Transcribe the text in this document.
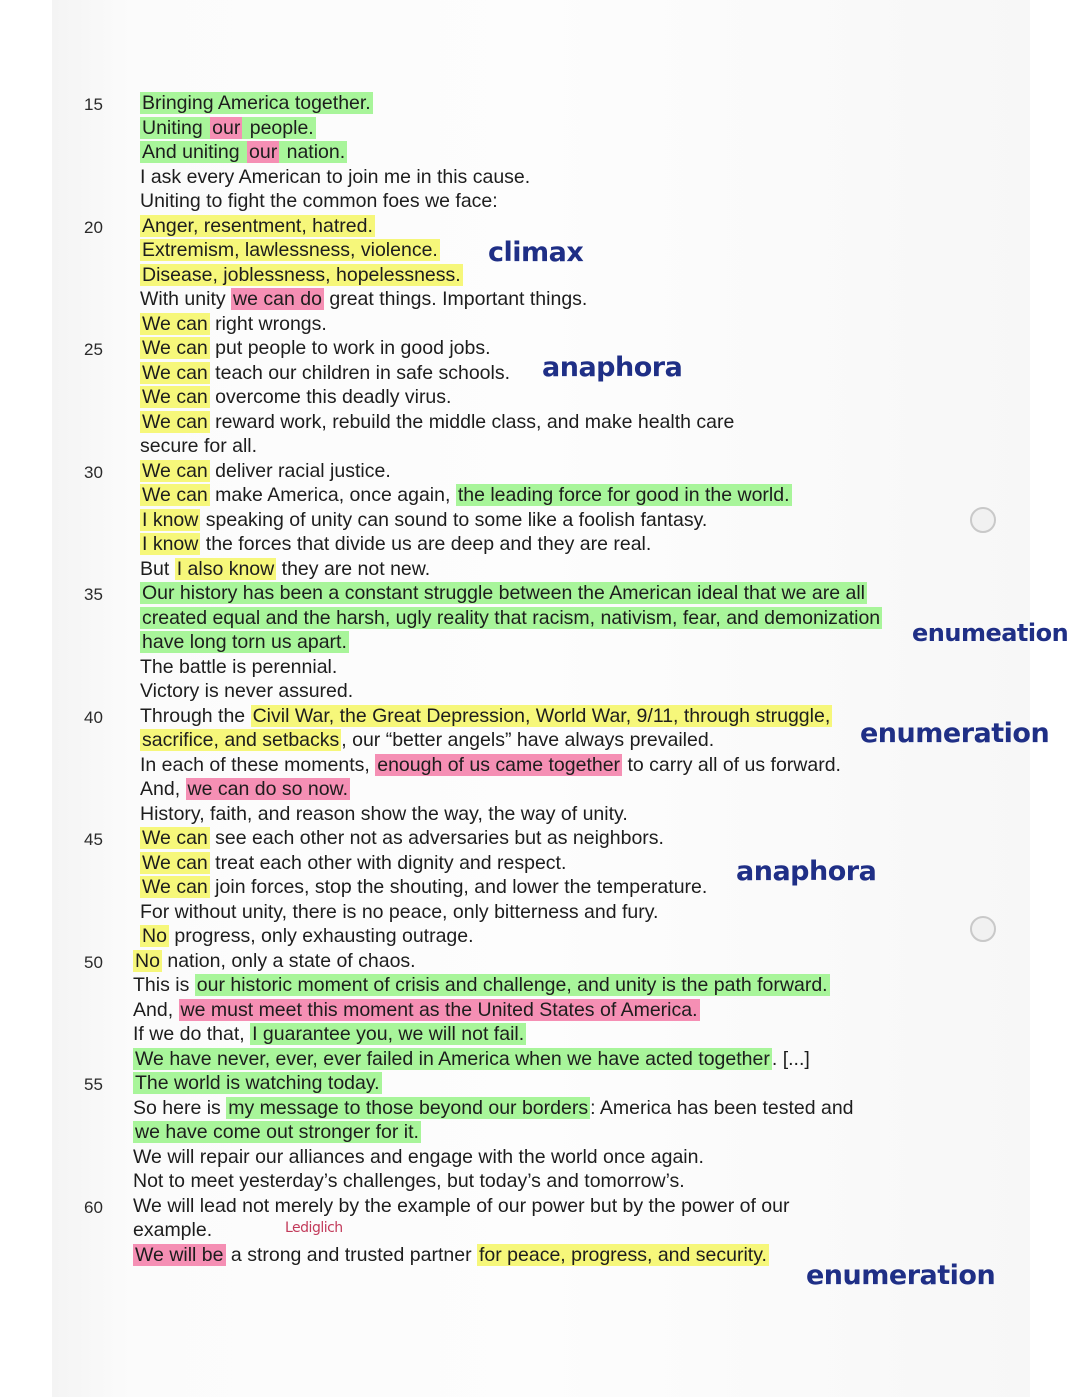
15
20
25
30
35
40
45
50
55
60
Bringing America together.
Uniting our people.
And uniting our nation.
I ask every American to join me in this cause.
Uniting to fight the common foes we face:
Anger, resentment, hatred.
Extremism, lawlessness, violence.
Disease, joblessness, hopelessness.
With unity we can do great things. Important things.
We can right wrongs.
We can put people to work in good jobs.
We can teach our children in safe schools.
We can overcome this deadly virus.
We can reward work, rebuild the middle class, and make health care
secure for all.
We can deliver racial justice.
We can make America, once again, the leading force for good in the world.
I know speaking of unity can sound to some like a foolish fantasy.
I know the forces that divide us are deep and they are real.
But I also know they are not new.
Our history has been a constant struggle between the American ideal that we are all
created equal and the harsh, ugly reality that racism, nativism, fear, and demonization
have long torn us apart.
The battle is perennial.
Victory is never assured.
Through the Civil War, the Great Depression, World War, 9/11, through struggle,
sacrifice, and setbacks , our “better angels” have always prevailed.
In each of these moments, enough of us came together to carry all of us forward.
And, we can do so now.
History, faith, and reason show the way, the way of unity.
We can see each other not as adversaries but as neighbors.
We can treat each other with dignity and respect.
We can join forces, stop the shouting, and lower the temperature.
For without unity, there is no peace, only bitterness and fury.
No progress, only exhausting outrage.
No nation, only a state of chaos.
This is our historic moment of crisis and challenge, and unity is the path forward.
And, we must meet this moment as the United States of America.
If we do that, I guarantee you, we will not fail.
We have never, ever, ever failed in America when we have acted together . [...]
The world is watching today.
So here is my message to those beyond our borders : America has been tested and
we have come out stronger for it.
We will repair our alliances and engage with the world once again.
Not to meet yesterday’s challenges, but today’s and tomorrow’s.
We will lead not merely by the example of our power but by the power of our
example.
We will be a strong and trusted partner for peace, progress, and security.
climax
anaphora
enumeation
enumeration
anaphora
Lediglich
enumeration
